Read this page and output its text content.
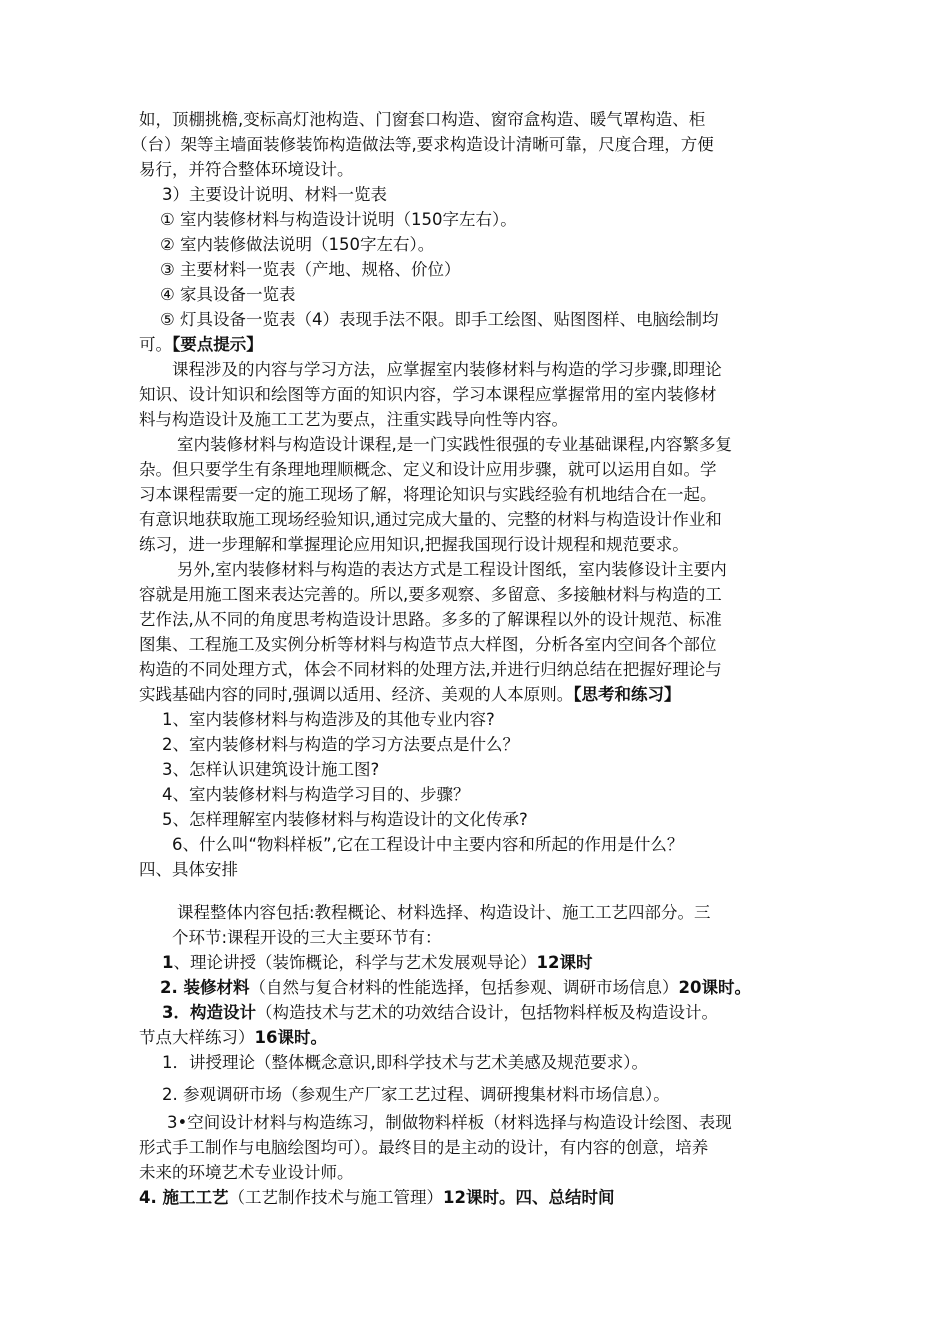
如，顶棚挑檐,变标高灯池构造、门窗套口构造、窗帘盒构造、暖气罩构造、柜

（台）架等主墙面装修装饰构造做法等,要求构造设计清晰可靠，尺度合理，方便

易行，并符合整体环境设计。

3）主要设计说明、材料一览表

① 室内装修材料与构造设计说明（150字左右）。

② 室内装修做法说明（150字左右）。

③ 主要材料一览表（产地、规格、价位）

④ 家具设备一览表

⑤ 灯具设备一览表（4）表现手法不限。即手工绘图、贴图图样、电脑绘制均

可。【要点提示】

课程涉及的内容与学习方法，应掌握室内装修材料与构造的学习步骤,即理论

知识、设计知识和绘图等方面的知识内容，学习本课程应掌握常用的室内装修材

料与构造设计及施工工艺为要点，注重实践导向性等内容。

室内装修材料与构造设计课程,是一门实践性很强的专业基础课程,内容繁多复

杂。但只要学生有条理地理顺概念、定义和设计应用步骤，就可以运用自如。学

习本课程需要一定的施工现场了解，将理论知识与实践经验有机地结合在一起。

有意识地获取施工现场经验知识,通过完成大量的、完整的材料与构造设计作业和

练习，进一步理解和掌握理论应用知识,把握我国现行设计规程和规范要求。

另外,室内装修材料与构造的表达方式是工程设计图纸，室内装修设计主要内

容就是用施工图来表达完善的。所以,要多观察、多留意、多接触材料与构造的工

艺作法,从不同的角度思考构造设计思路。多多的了解课程以外的设计规范、标准

图集、工程施工及实例分析等材料与构造节点大样图，分析各室内空间各个部位

构造的不同处理方式，体会不同材料的处理方法,并进行归纳总结在把握好理论与

实践基础内容的同时,强调以适用、经济、美观的人本原则。【思考和练习】

1、室内装修材料与构造涉及的其他专业内容?

2、室内装修材料与构造的学习方法要点是什么？

3、怎样认识建筑设计施工图?

4、室内装修材料与构造学习目的、步骤？

5、怎样理解室内装修材料与构造设计的文化传承?

6、什么叫“物料样板”,它在工程设计中主要内容和所起的作用是什么？

四、具体安排

课程整体内容包括:教程概论、材料选择、构造设计、施工工艺四部分。三

个环节:课程开设的三大主要环节有：

1、理论讲授（装饰概论，科学与艺术发展观导论）12课时

2. 装修材料（自然与复合材料的性能选择，包括参观、调研市场信息）20课时。

3．构造设计（构造技术与艺术的功效结合设计，包括物料样板及构造设计。

节点大样练习）16课时。

1．讲授理论（整体概念意识,即科学技术与艺术美感及规范要求）。

2. 参观调研市场（参观生产厂家工艺过程、调研搜集材料市场信息）。

3•空间设计材料与构造练习，制做物料样板（材料选择与构造设计绘图、表现

形式手工制作与电脑绘图均可）。最终目的是主动的设计，有内容的创意，培养

未来的环境艺术专业设计师。

4. 施工工艺（工艺制作技术与施工管理）12课时。四、总结时间
